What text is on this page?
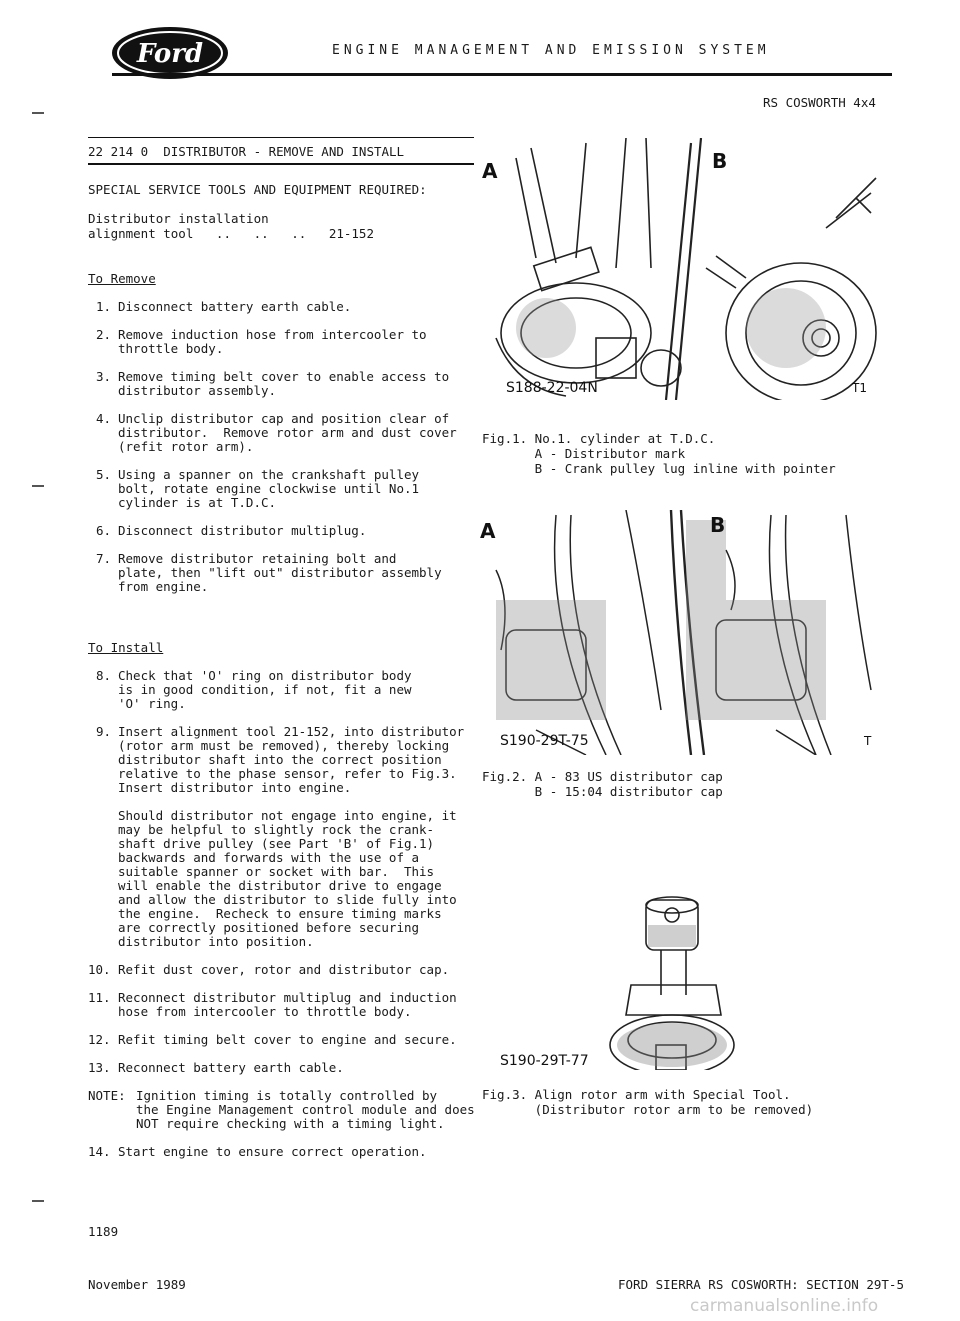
Ford	ENGINE MANAGEMENT AND EMISSION SYSTEM
RS COSWORTH 4x4
22 214 0  DISTRIBUTOR - REMOVE AND INSTALL
SPECIAL SERVICE TOOLS AND EQUIPMENT REQUIRED:
Distributor installation
alignment tool   ..   ..   ..   21-152
To Remove
1. Disconnect battery earth cable.
2. Remove induction hose from intercooler to
throttle body.
3. Remove timing belt cover to enable access to
distributor assembly.
4. Unclip distributor cap and position clear of
distributor.  Remove rotor arm and dust cover
(refit rotor arm).
5. Using a spanner on the crankshaft pulley
bolt, rotate engine clockwise until No.1
cylinder is at T.D.C.
6. Disconnect distributor multiplug.
7. Remove distributor retaining bolt and
plate, then "lift out" distributor assembly
from engine.
To Install
8. Check that 'O' ring on distributor body
is in good condition, if not, fit a new
'O' ring.
9. Insert alignment tool 21-152, into distributor
(rotor arm must be removed), thereby locking
distributor shaft into the correct position
relative to the phase sensor, refer to Fig.3.
Insert distributor into engine.
Should distributor not engage into engine, it
may be helpful to slightly rock the crank-
shaft drive pulley (see Part 'B' of Fig.1)
backwards and forwards with the use of a
suitable spanner or socket with bar.  This
will enable the distributor drive to engage
and allow the distributor to slide fully into
the engine.  Recheck to ensure timing marks
are correctly positioned before securing
distributor into position.
10. Refit dust cover, rotor and distributor cap.
11. Reconnect distributor multiplug and induction
hose from intercooler to throttle body.
12. Refit timing belt cover to engine and secure.
13. Reconnect battery earth cable.
NOTE: Ignition timing is totally controlled by
the Engine Management control module and does
NOT require checking with a timing light.
14. Start engine to ensure correct operation.
1189
A	B
S188-22-04N	T1
Fig.1. No.1. cylinder at T.D.C.
A - Distributor mark
B - Crank pulley lug inline with pointer
A	B
S190-29T-75	T
Fig.2. A - 83 US distributor cap
B - 15:04 distributor cap
S190-29T-77
Fig.3. Align rotor arm with Special Tool.
(Distributor rotor arm to be removed)
November 1989	FORD SIERRA RS COSWORTH: SECTION 29T-5
carmanualsonline.info
